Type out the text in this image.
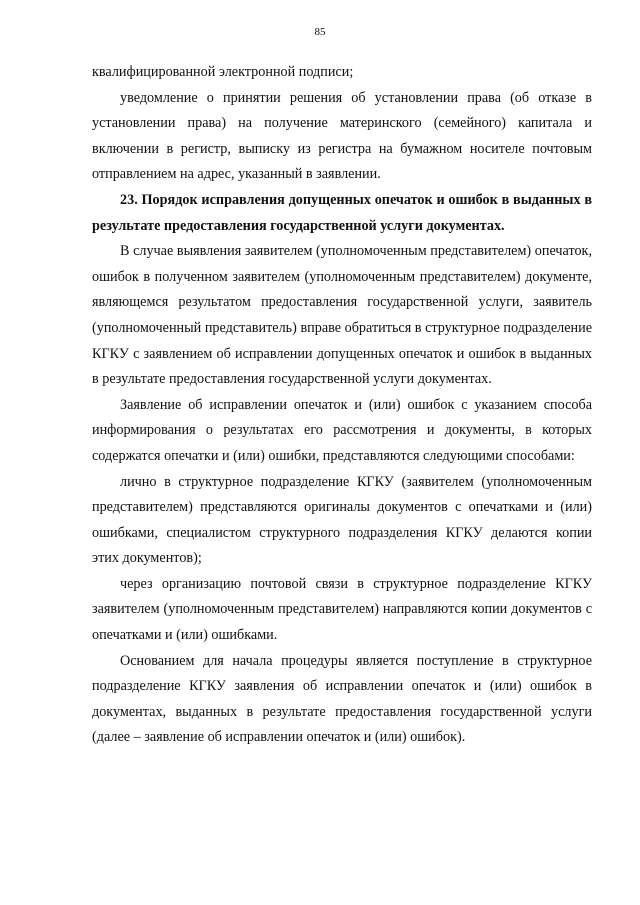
85

квалифицированной электронной подписи;

уведомление о принятии решения об установлении права (об отказе в установлении права) на получение материнского (семейного) капитала и включении в регистр, выписку из регистра на бумажном носителе почтовым отправлением на адрес, указанный в заявлении.

23. Порядок исправления допущенных опечаток и ошибок в выданных в результате предоставления государственной услуги документах.

В случае выявления заявителем (уполномоченным представителем) опечаток, ошибок в полученном заявителем (уполномоченным представителем) документе, являющемся результатом предоставления государственной услуги, заявитель (уполномоченный представитель) вправе обратиться в структурное подразделение КГКУ с заявлением об исправлении допущенных опечаток и ошибок в выданных в результате предоставления государственной услуги документах.

Заявление об исправлении опечаток и (или) ошибок с указанием способа информирования о результатах его рассмотрения и документы, в которых содержатся опечатки и (или) ошибки, представляются следующими способами:

лично в структурное подразделение КГКУ (заявителем (уполномоченным представителем) представляются оригиналы документов с опечатками и (или) ошибками, специалистом структурного подразделения КГКУ делаются копии этих документов);

через организацию почтовой связи в структурное подразделение КГКУ заявителем (уполномоченным представителем) направляются копии документов с опечатками и (или) ошибками.

Основанием для начала процедуры является поступление в структурное подразделение КГКУ заявления об исправлении опечаток и (или) ошибок в документах, выданных в результате предоставления государственной услуги (далее – заявление об исправлении опечаток и (или) ошибок).
